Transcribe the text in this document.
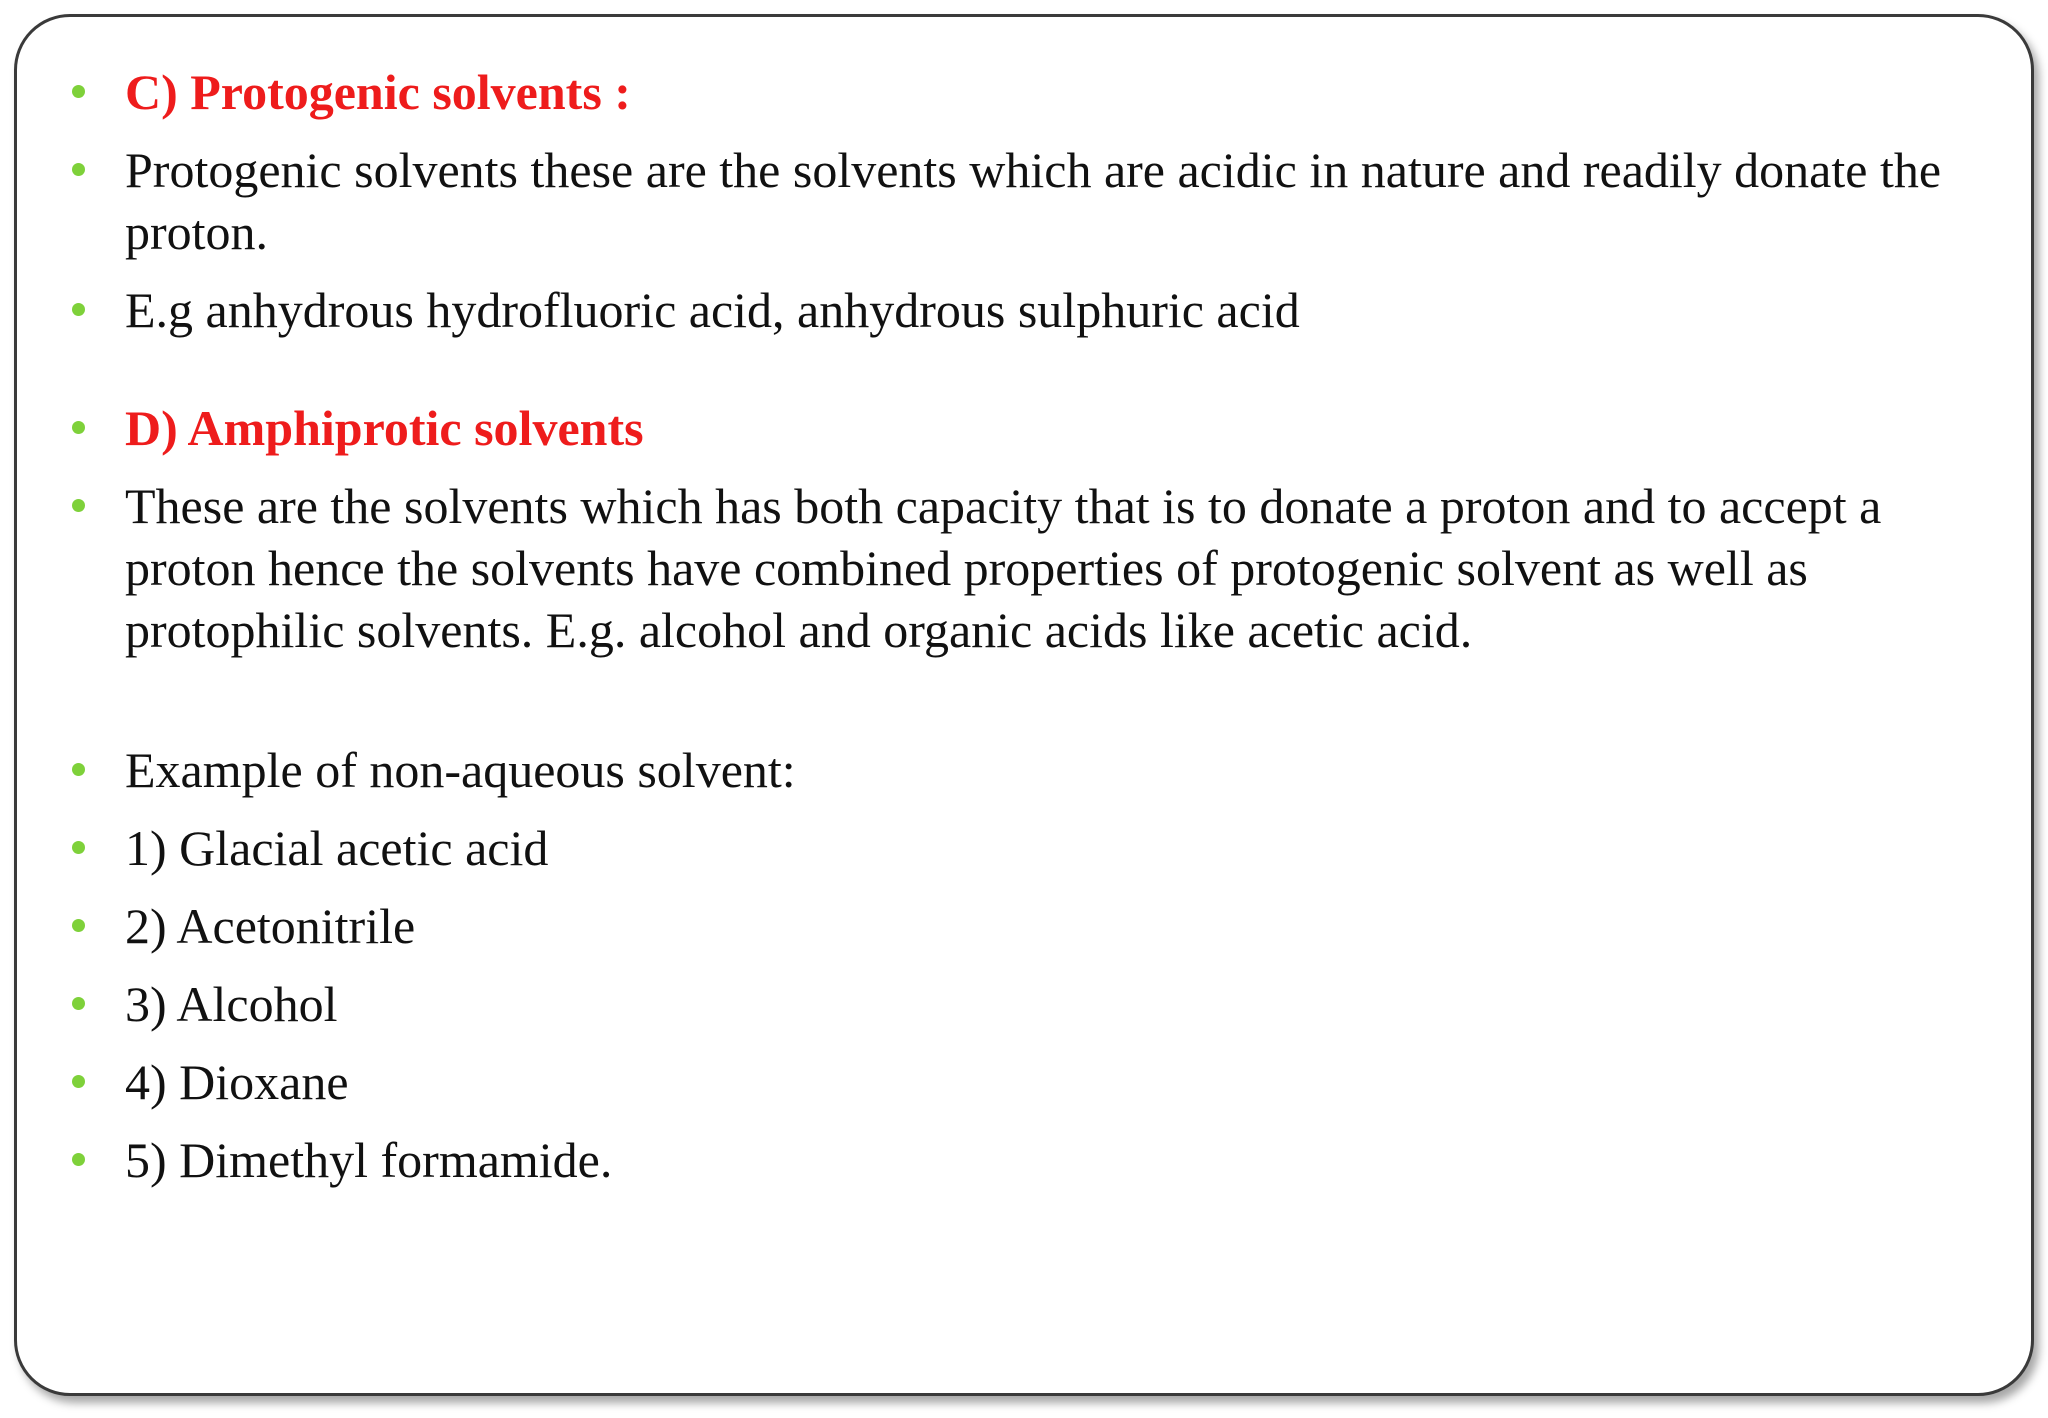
C) Protogenic solvents :
Protogenic solvents these are the solvents which are acidic in nature and readily donate the proton.
E.g anhydrous hydrofluoric acid, anhydrous sulphuric acid
D) Amphiprotic solvents
These are the solvents which has both capacity that is to donate a proton and to accept a proton hence the solvents have combined properties of protogenic solvent as well as protophilic solvents. E.g. alcohol and organic acids like acetic acid.
Example of non-aqueous solvent:
1) Glacial acetic acid
2) Acetonitrile
3) Alcohol
4) Dioxane
5) Dimethyl formamide.
